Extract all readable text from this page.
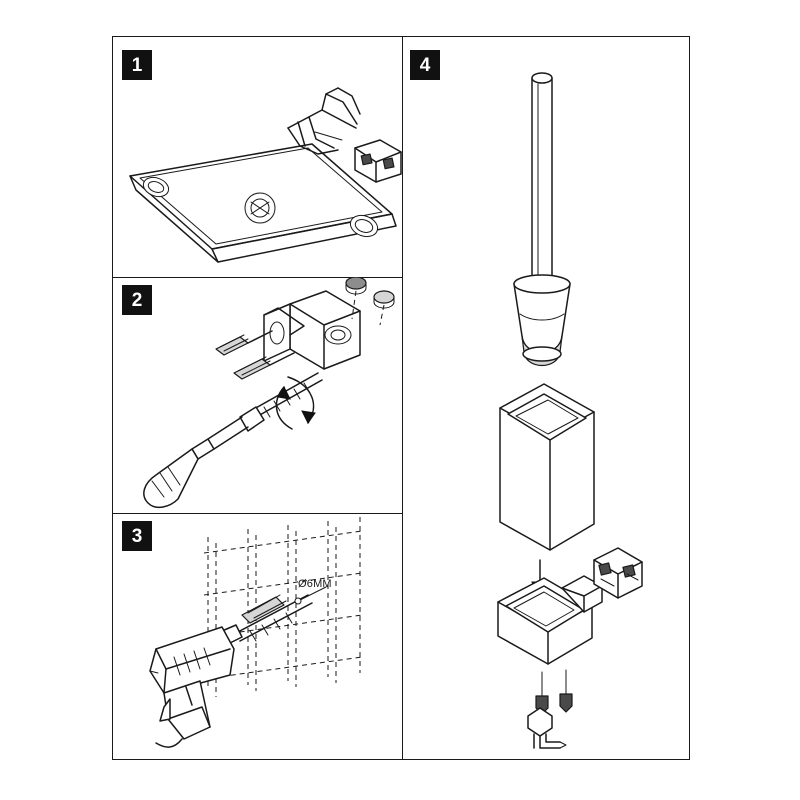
1
2
3
Ø6MM
4
